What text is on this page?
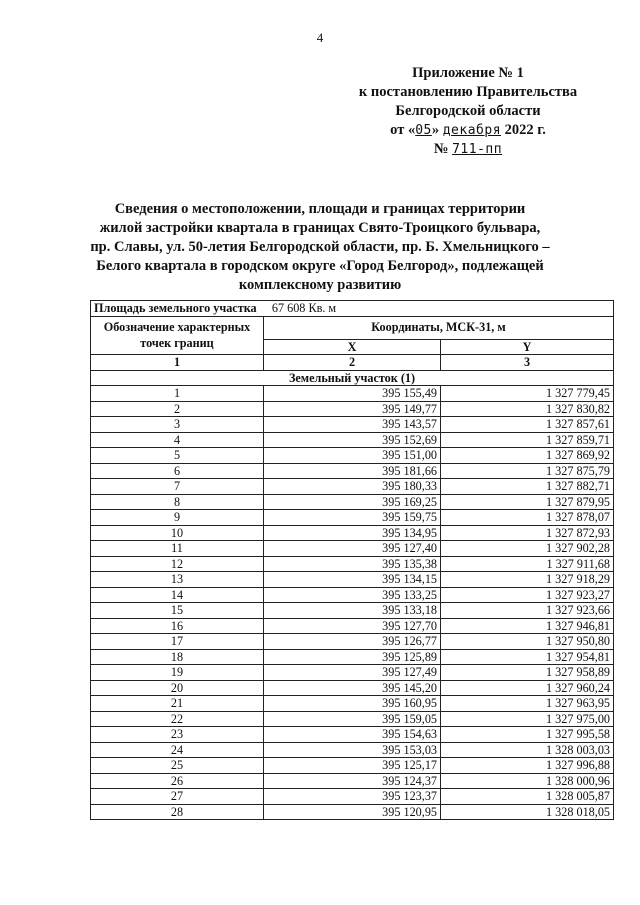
4
Приложение № 1
к постановлению Правительства
Белгородской области
от «05» декабря 2022 г.
№ 711-пп
Сведения о местоположении, площади и границах территории
жилой застройки квартала в границах Свято-Троицкого бульвара,
пр. Славы, ул. 50-летия Белгородской области, пр. Б. Хмельницкого –
Белого квартала в городском округе «Город Белгород», подлежащей
комплексному развитию
Площадь земельного участка 67 608 Кв. м		
Обозначение характерных точек границ	Координаты, МСК-31, м	
	X	Y
1	2	3
Земельный участок (1)		
1	395 155,49	1 327 779,45
2	395 149,77	1 327 830,82
3	395 143,57	1 327 857,61
4	395 152,69	1 327 859,71
5	395 151,00	1 327 869,92
6	395 181,66	1 327 875,79
7	395 180,33	1 327 882,71
8	395 169,25	1 327 879,95
9	395 159,75	1 327 878,07
10	395 134,95	1 327 872,93
11	395 127,40	1 327 902,28
12	395 135,38	1 327 911,68
13	395 134,15	1 327 918,29
14	395 133,25	1 327 923,27
15	395 133,18	1 327 923,66
16	395 127,70	1 327 946,81
17	395 126,77	1 327 950,80
18	395 125,89	1 327 954,81
19	395 127,49	1 327 958,89
20	395 145,20	1 327 960,24
21	395 160,95	1 327 963,95
22	395 159,05	1 327 975,00
23	395 154,63	1 327 995,58
24	395 153,03	1 328 003,03
25	395 125,17	1 327 996,88
26	395 124,37	1 328 000,96
27	395 123,37	1 328 005,87
28	395 120,95	1 328 018,05
